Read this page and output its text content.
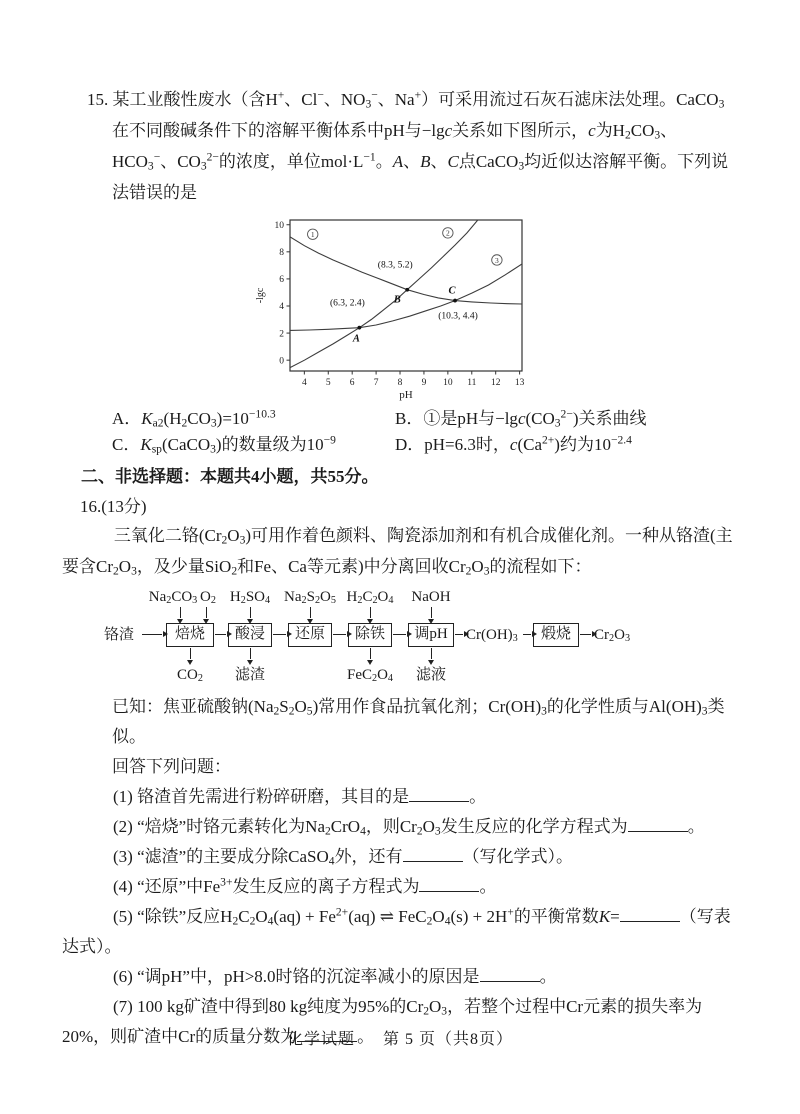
15. 某工业酸性废水（含H+、Cl−、$NO_3^-$、Na+）可采用流过石灰石滤床法处理。CaCO$_3$在不同酸碱条件下的溶解平衡体系中pH与−lgc关系如下图所示，c为$H_2CO_3$、$HCO_3^-$、$CO_3^{2-}$的浓度，单位$mol\cdot L^{-1}$。A、B、C点CaCO$_3$均近似达溶解平衡。下列说法错误的是

4 5 6 7 8 9 10 11 12 13
0
2
4
6
8
10
pH
-lgc
1	2
3
A
(6.3, 2.4)	B
(8.3, 5.2)
C
(10.3, 4.4)
A．$K_{a2}(H_2CO_3)=10^{-10.3}$	B．①是pH与$-\lg c(CO_3^{2-})$关系曲线
C．$K_{sp}(CaCO_3)$的数量级为$10^{-9}$	D．pH=6.3时，$c(Ca^{2+})$约为$10^{-2.4}$
二、非选择题：本题共4小题，共55分。
16.(13分)

三氧化二铬$(Cr_2O_3)$可用作着色颜料、陶瓷添加剂和有机合成催化剂。一种从铬渣(主要含$Cr_2O_3$，及少量SiO$_2$和Fe、Ca等元素)中分离回收$Cr_2O_3$的流程如下：

$Na_2CO_3$ $O_2$ $H_2SO_4$ $Na_2S_2O_5$ $H_2C_2O_4$ NaOH
铬渣	焙烧	酸浸	还原	除铁	调pH	$Cr(OH)_3$	煅烧	$Cr_2O_3$
$CO_2$ 滤渣	$FeC_2O_4$ 滤液
已知：焦亚硫酸钠$(Na_2S_2O_5)$常用作食品抗氧化剂；$Cr(OH)_3$的化学性质与$Al(OH)_3$类似。
回答下列问题：

(1) 铬渣首先需进行粉碎研磨，其目的是	。

(2) “焙烧”时铬元素转化为$Na_2CrO_4$，则$Cr_2O_3$发生反应的化学方程式为	。

(3) “滤渣”的主要成分除CaSO$_4$外，还有	（写化学式）。

(4) “还原”中$Fe^{3+}$发生反应的离子方程式为	。

(5) “除铁”反应$H_2C_2O_4(aq) + Fe^{2+}(aq)$ ⇌ $FeC_2O_4(s) + 2H^+$的平衡常数K=	（写表达式）。

(6) “调pH”中，pH>8.0时铬的沉淀率减小的原因是	。

(7) 100 kg矿渣中得到80 kg纯度为95%的$Cr_2O_3$，若整个过程中Cr元素的损失率为20%，则矿渣中Cr的质量分数为	。

化学试题 第 5 页（共8页）
